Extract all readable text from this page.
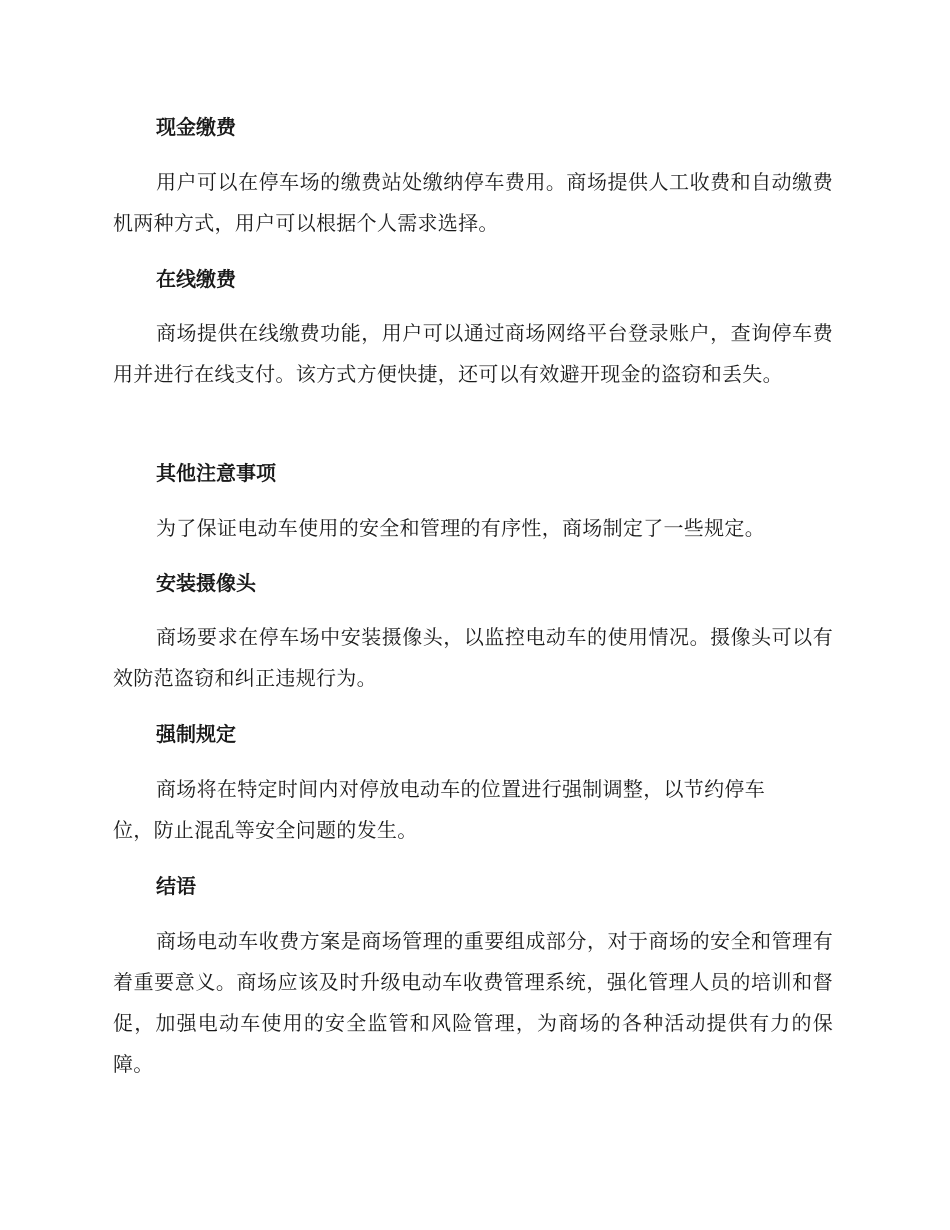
现金缴费
用户可以在停车场的缴费站处缴纳停车费用。商场提供人工收费和自动缴费机两种方式，用户可以根据个人需求选择。
在线缴费
商场提供在线缴费功能，用户可以通过商场网络平台登录账户，查询停车费用并进行在线支付。该方式方便快捷，还可以有效避开现金的盗窃和丢失。
其他注意事项
为了保证电动车使用的安全和管理的有序性，商场制定了一些规定。
安装摄像头
商场要求在停车场中安装摄像头，以监控电动车的使用情况。摄像头可以有效防范盗窃和纠正违规行为。
强制规定
商场将在特定时间内对停放电动车的位置进行强制调整，以节约停车位，防止混乱等安全问题的发生。
结语
商场电动车收费方案是商场管理的重要组成部分，对于商场的安全和管理有着重要意义。商场应该及时升级电动车收费管理系统，强化管理人员的培训和督促，加强电动车使用的安全监管和风险管理，为商场的各种活动提供有力的保障。
